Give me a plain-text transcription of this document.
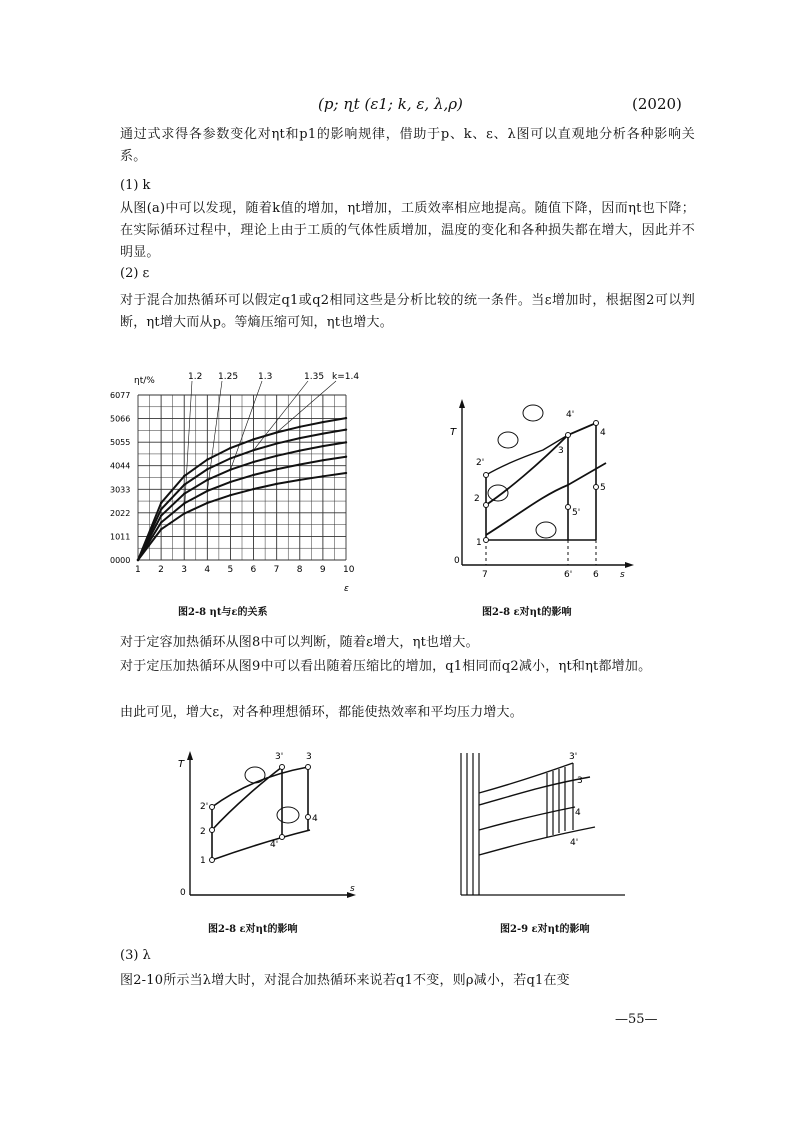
(p; ɳt (ɛ1; k, ε, λ,ρ)	(2020)
通过式求得各参数变化对ηt和p1的影响规律，借助于p、k、ε、λ图可以直观地分析各种影响关系。
(1) k
从图(a)中可以发现，随着k值的增加，ηt增加，工质效率相应地提高。随值下降，因而ηt也下降；在实际循环过程中，理论上由于工质的气体性质增加，温度的变化和各种损失都在增大，因此并不明显。
(2) ε
对于混合加热循环可以假定q1或q2相同这些是分析比较的统一条件。当ε增加时，根据图2可以判断，ηt增大而从p。等熵压缩可知，ηt也增大。
ηt/%
1 2 3 4 5 6 7 8 9 10
0000
1011
2022
3033
4044
5055
5066
6077
1.2 1.25 1.3	1.35 k=1.4
ε
图2-8 ηt与ε的关系
T
s
4'
4
3
2'
2
5'
5
1
0
7	6' 6
图2-8 ε对ηt的影响
对于定容加热循环从图8中可以判断，随着ε增大，ηt也增大。
对于定压加热循环从图9中可以看出随着压缩比的增加，q1相同而q2减小，ηt和ηt都增加。
由此可见，增大ε，对各种理想循环，都能使热效率和平均压力增大。
T
s
0
3'	3
2'
2
4
4'
1
图2-8 ε对ηt的影响
3'
3
4
4'
图2-9 ε对ηt的影响
(3) λ
图2-10所示当λ增大时，对混合加热循环来说若q1不变，则ρ减小，若q1在变
—55—
